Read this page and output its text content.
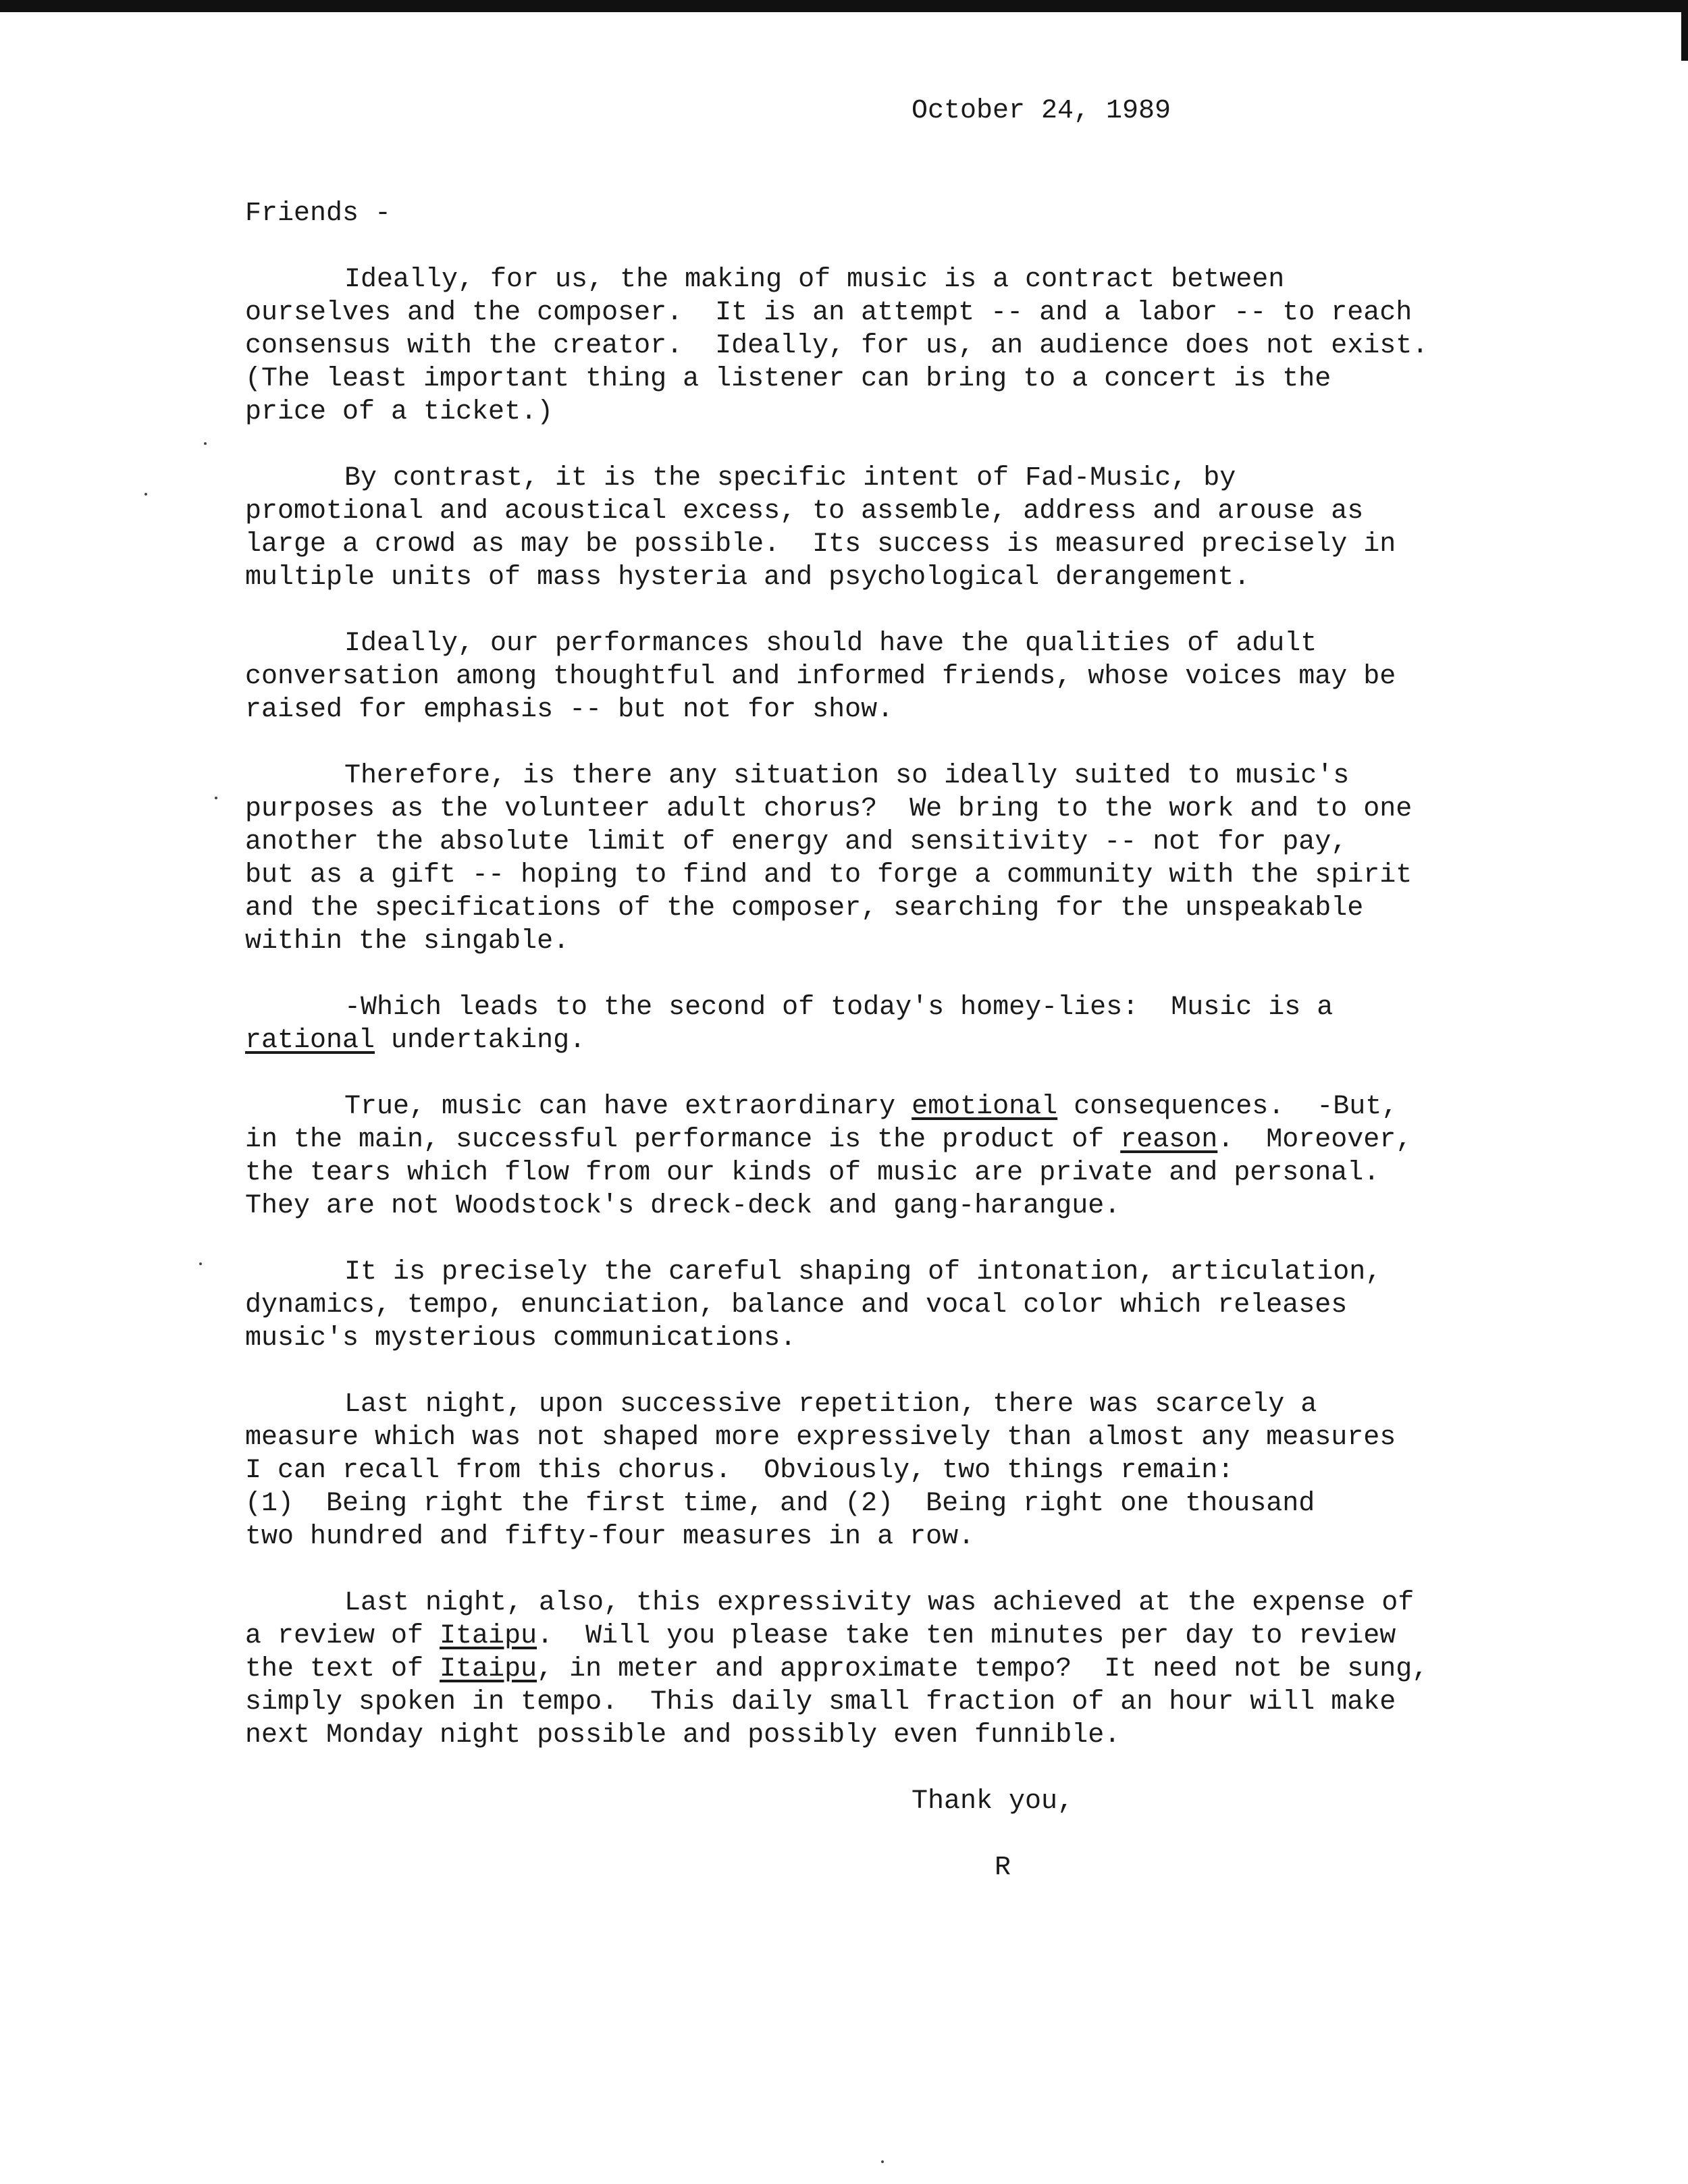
October 24, 1989
Friends -
Ideally, for us, the making of music is a contract between
ourselves and the composer.  It is an attempt -- and a labor -- to reach
consensus with the creator.  Ideally, for us, an audience does not exist.
(The least important thing a listener can bring to a concert is the
price of a ticket.)
By contrast, it is the specific intent of Fad-Music, by
promotional and acoustical excess, to assemble, address and arouse as
large a crowd as may be possible.  Its success is measured precisely in
multiple units of mass hysteria and psychological derangement.
Ideally, our performances should have the qualities of adult
conversation among thoughtful and informed friends, whose voices may be
raised for emphasis -- but not for show.
Therefore, is there any situation so ideally suited to music's
purposes as the volunteer adult chorus?  We bring to the work and to one
another the absolute limit of energy and sensitivity -- not for pay,
but as a gift -- hoping to find and to forge a community with the spirit
and the specifications of the composer, searching for the unspeakable
within the singable.
-Which leads to the second of today's homey-lies:  Music is a
rational undertaking.
True, music can have extraordinary emotional consequences.  -But,
in the main, successful performance is the product of reason.  Moreover,
the tears which flow from our kinds of music are private and personal.
They are not Woodstock's dreck-deck and gang-harangue.
It is precisely the careful shaping of intonation, articulation,
dynamics, tempo, enunciation, balance and vocal color which releases
music's mysterious communications.
Last night, upon successive repetition, there was scarcely a
measure which was not shaped more expressively than almost any measures
I can recall from this chorus.  Obviously, two things remain:
(1)  Being right the first time, and (2)  Being right one thousand
two hundred and fifty-four measures in a row.
Last night, also, this expressivity was achieved at the expense of
a review of Itaipu.  Will you please take ten minutes per day to review
the text of Itaipu, in meter and approximate tempo?  It need not be sung,
simply spoken in tempo.  This daily small fraction of an hour will make
next Monday night possible and possibly even funnible.
Thank you,
R
